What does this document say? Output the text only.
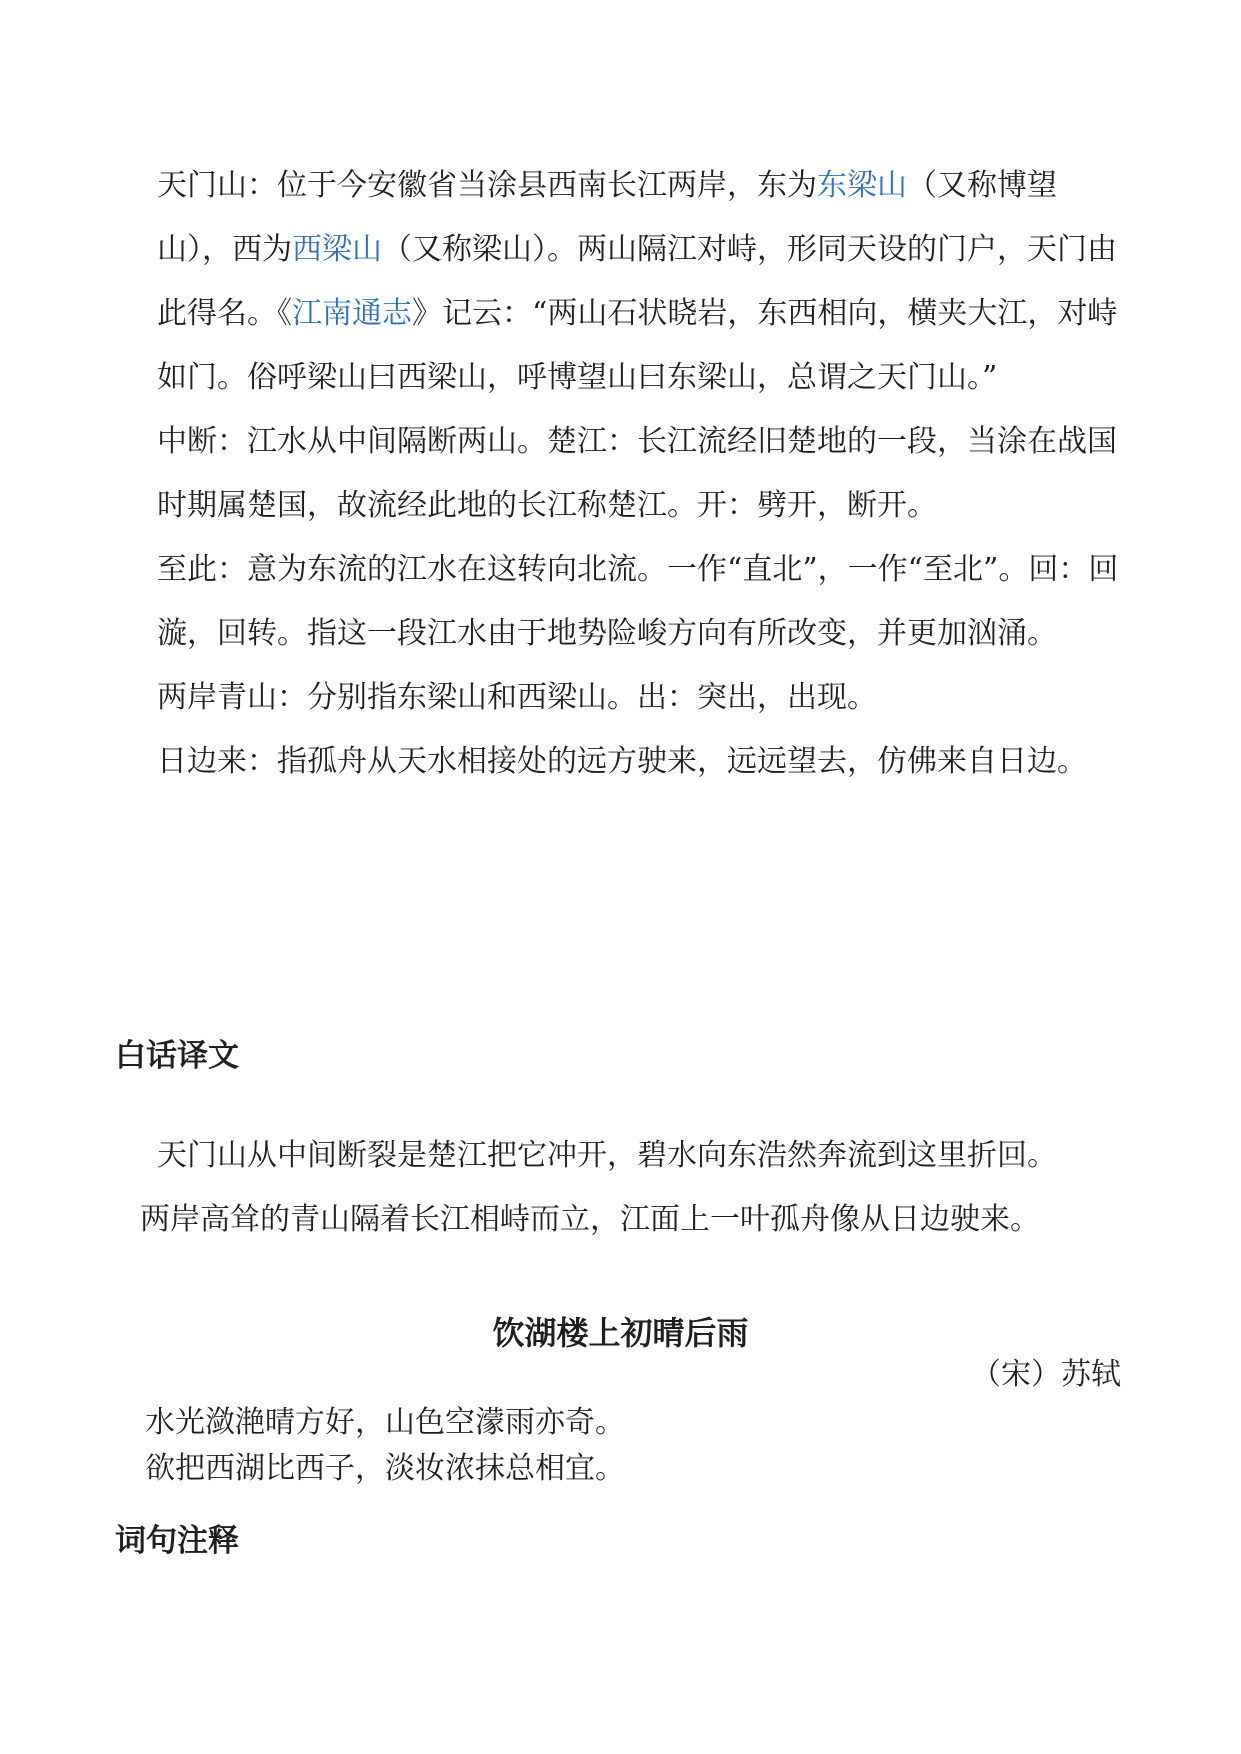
天门山：位于今安徽省当涂县西南长江两岸，东为东梁山（又称博望山），西为西梁山（又称梁山）。两山隔江对峙，形同天设的门户，天门由此得名。《江南通志》记云：“两山石状晓岩，东西相向，横夹大江，对峙如门。俗呼梁山曰西梁山，呼博望山曰东梁山，总谓之天门山。”

中断：江水从中间隔断两山。楚江：长江流经旧楚地的一段，当涂在战国时期属楚国，故流经此地的长江称楚江。开：劈开，断开。

至此：意为东流的江水在这转向北流。一作“直北”，一作“至北”。回：回漩，回转。指这一段江水由于地势险峻方向有所改变，并更加汹涌。

两岸青山：分别指东梁山和西梁山。出：突出，出现。

日边来：指孤舟从天水相接处的远方驶来，远远望去，仿佛来自日边。

白话译文

天门山从中间断裂是楚江把它冲开，碧水向东浩然奔流到这里折回。

两岸高耸的青山隔着长江相峙而立，江面上一叶孤舟像从日边驶来。

饮湖楼上初晴后雨

（宋）苏轼

水光潋滟晴方好，山色空濛雨亦奇。

欲把西湖比西子，淡妆浓抹总相宜。

词句注释
